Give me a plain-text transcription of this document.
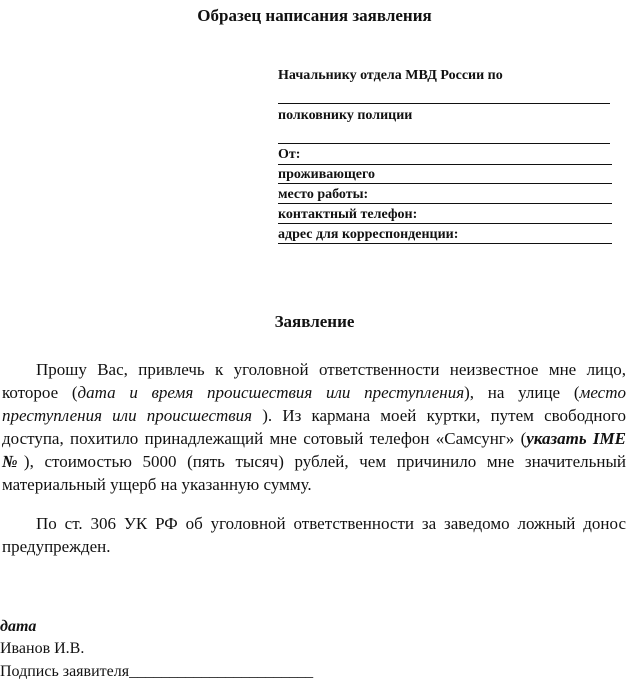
Образец написания заявления
Начальнику отдела МВД России по
полковнику полиции
От:
проживающего
место работы:
контактный телефон:
адрес для корреспонденции:
Заявление
Прошу Вас, привлечь к уголовной ответственности неизвестное мне лицо, которое (дата и время происшествия или преступления), на улице (место преступления или происшествия ). Из кармана моей куртки, путем свободного доступа, похитило принадлежащий мне сотовый телефон «Самсунг» (указать IME №), стоимостью 5000 (пять тысяч) рублей, чем причинило мне значительный материальный ущерб на указанную сумму.
По ст. 306 УК РФ об уголовной ответственности за заведомо ложный донос предупрежден.
дата
Иванов И.В.
Подпись заявителя_______________________
